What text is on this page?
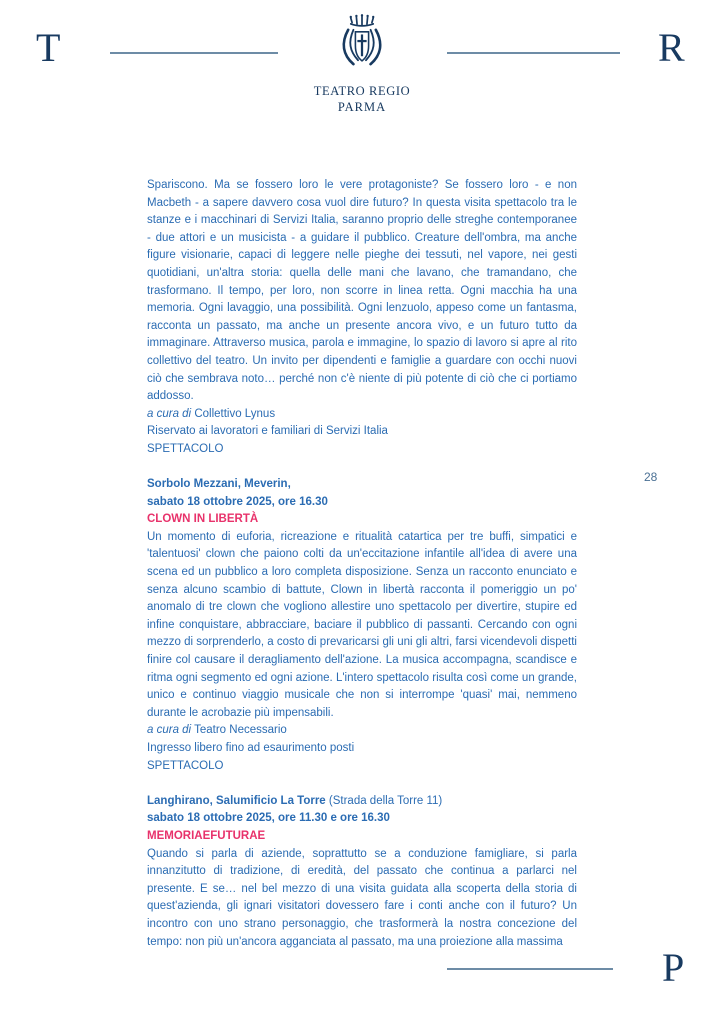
T
TEATRO REGIO
PARMA
R
28

Spariscono. Ma se fossero loro le vere protagoniste? Se fossero loro - e non Macbeth - a sapere davvero cosa vuol dire futuro? In questa visita spettacolo tra le stanze e i macchinari di Servizi Italia, saranno proprio delle streghe contemporanee - due attori e un musicista - a guidare il pubblico. Creature dell'ombra, ma anche figure visionarie, capaci di leggere nelle pieghe dei tessuti, nel vapore, nei gesti quotidiani, un'altra storia: quella delle mani che lavano, che tramandano, che trasformano. Il tempo, per loro, non scorre in linea retta. Ogni macchia ha una memoria. Ogni lavaggio, una possibilità. Ogni lenzuolo, appeso come un fantasma, racconta un passato, ma anche un presente ancora vivo, e un futuro tutto da immaginare. Attraverso musica, parola e immagine, lo spazio di lavoro si apre al rito collettivo del teatro. Un invito per dipendenti e famiglie a guardare con occhi nuovi ciò che sembrava noto… perché non c'è niente di più potente di ciò che ci portiamo addosso.

a cura di Collettivo Lynus

Riservato ai lavoratori e familiari di Servizi Italia

SPETTACOLO

Sorbolo Mezzani, Meverin,

sabato 18 ottobre 2025, ore 16.30

CLOWN IN LIBERTÀ

Un momento di euforia, ricreazione e ritualità catartica per tre buffi, simpatici e 'talentuosi' clown che paiono colti da un'eccitazione infantile all'idea di avere una scena ed un pubblico a loro completa disposizione. Senza un racconto enunciato e senza alcuno scambio di battute, Clown in libertà racconta il pomeriggio un po' anomalo di tre clown che vogliono allestire uno spettacolo per divertire, stupire ed infine conquistare, abbracciare, baciare il pubblico di passanti. Cercando con ogni mezzo di sorprenderlo, a costo di prevaricarsi gli uni gli altri, farsi vicendevoli dispetti finire col causare il deragliamento dell'azione. La musica accompagna, scandisce e ritma ogni segmento ed ogni azione. L'intero spettacolo risulta così come un grande, unico e continuo viaggio musicale che non si interrompe 'quasi' mai, nemmeno durante le acrobazie più impensabili.

a cura di Teatro Necessario

Ingresso libero fino ad esaurimento posti

SPETTACOLO

Langhirano, Salumificio La Torre (Strada della Torre 11)

sabato 18 ottobre 2025, ore 11.30 e ore 16.30

MEMORIAEFUTURAE

Quando si parla di aziende, soprattutto se a conduzione famigliare, si parla innanzitutto di tradizione, di eredità, del passato che continua a parlarci nel presente. E se… nel bel mezzo di una visita guidata alla scoperta della storia di quest'azienda, gli ignari visitatori dovessero fare i conti anche con il futuro? Un incontro con uno strano personaggio, che trasformerà la nostra concezione del tempo: non più un'ancora agganciata al passato, ma una proiezione alla massima

P
